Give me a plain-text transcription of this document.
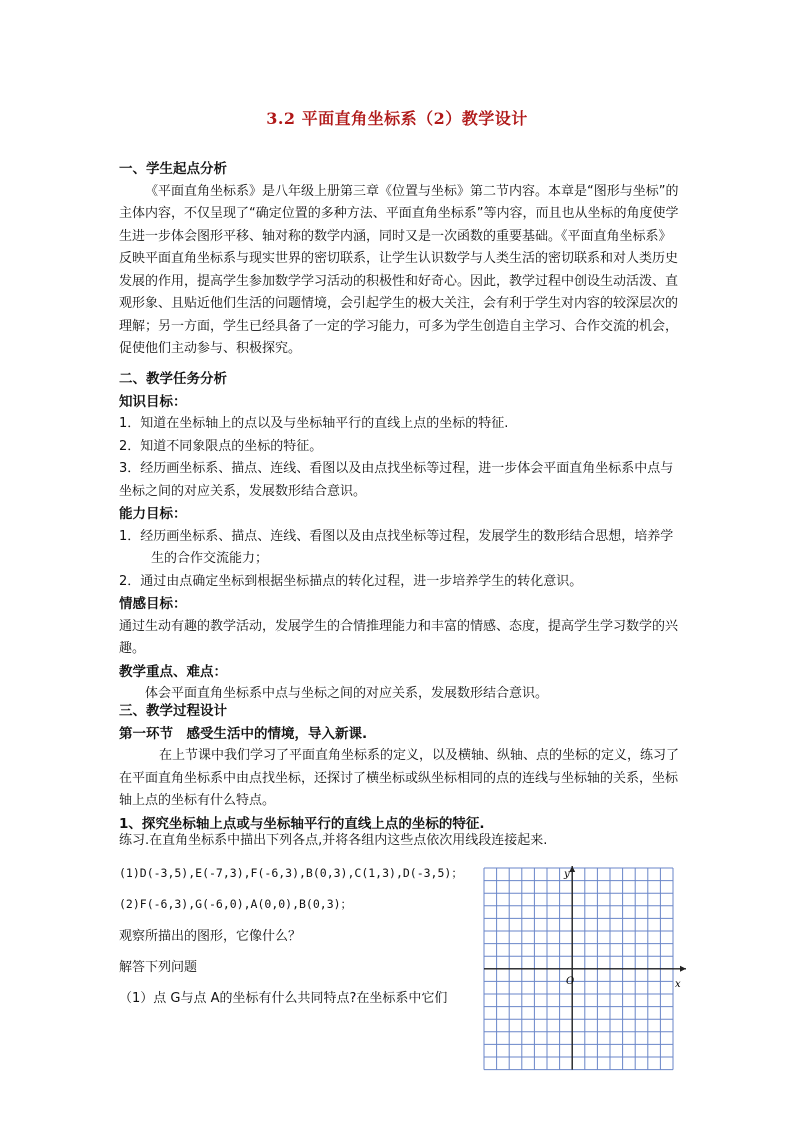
3.2 平面直角坐标系（2）教学设计

一、学生起点分析

《平面直角坐标系》是八年级上册第三章《位置与坐标》第二节内容。本章是“图形与坐标”的主体内容，不仅呈现了“确定位置的多种方法、平面直角坐标系”等内容，而且也从坐标的角度使学生进一步体会图形平移、轴对称的数学内涵，同时又是一次函数的重要基础。《平面直角坐标系》反映平面直角坐标系与现实世界的密切联系，让学生认识数学与人类生活的密切联系和对人类历史发展的作用，提高学生参加数学学习活动的积极性和好奇心。因此，教学过程中创设生动活泼、直观形象、且贴近他们生活的问题情境，会引起学生的极大关注，会有利于学生对内容的较深层次的理解；另一方面，学生已经具备了一定的学习能力，可多为学生创造自主学习、合作交流的机会，促使他们主动参与、积极探究。

二、教学任务分析

知识目标：

1．知道在坐标轴上的点以及与坐标轴平行的直线上点的坐标的特征.

2．知道不同象限点的坐标的特征。

3．经历画坐标系、描点、连线、看图以及由点找坐标等过程，进一步体会平面直角坐标系中点与坐标之间的对应关系，发展数形结合意识。

能力目标：

1．经历画坐标系、描点、连线、看图以及由点找坐标等过程，发展学生的数形结合思想，培养学生的合作交流能力；

2．通过由点确定坐标到根据坐标描点的转化过程，进一步培养学生的转化意识。

情感目标：

通过生动有趣的教学活动，发展学生的合情推理能力和丰富的情感、态度，提高学生学习数学的兴趣。

教学重点、难点：

体会平面直角坐标系中点与坐标之间的对应关系，发展数形结合意识。

三、教学过程设计

第一环节　感受生活中的情境，导入新课.

在上节课中我们学习了平面直角坐标系的定义，以及横轴、纵轴、点的坐标的定义，练习了在平面直角坐标系中由点找坐标，还探讨了横坐标或纵坐标相同的点的连线与坐标轴的关系，坐标轴上点的坐标有什么特点。

1、探究坐标轴上点或与坐标轴平行的直线上点的坐标的特征.

练习.在直角坐标系中描出下列各点,并将各组内这些点依次用线段连接起来.

(1)D(-3,5),E(-7,3),F(-6,3),B(0,3),C(1,3),D(-3,5)；
(2)F(-6,3),G(-6,0),A(0,0),B(0,3)；
观察所描出的图形，它像什么？
解答下列问题
（1）点 G与点 A的坐标有什么共同特点?在坐标系中它们
y
x
O
